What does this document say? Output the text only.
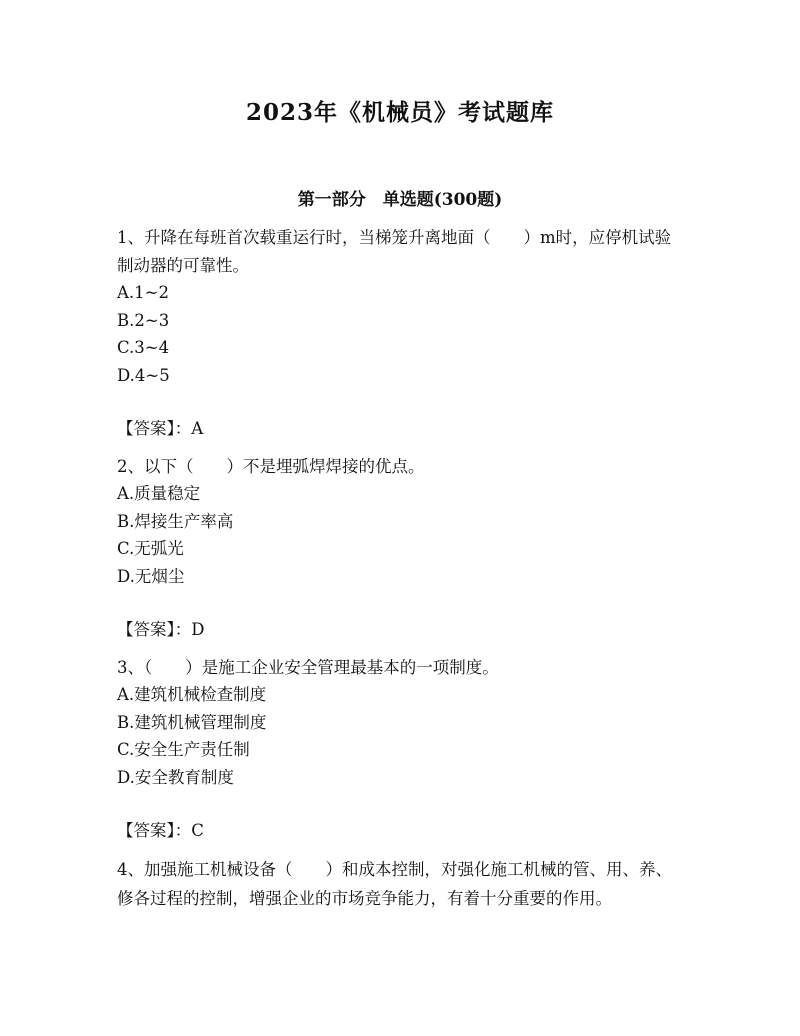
2023年《机械员》考试题库
第一部分　单选题(300题)

1、升降在每班首次载重运行时，当梯笼升离地面（　　）m时，应停机试验制动器的可靠性。

A.1~2

B.2~3

C.3~4

D.4~5

【答案】：A

2、以下（　　）不是埋弧焊焊接的优点。

A.质量稳定

B.焊接生产率高

C.无弧光

D.无烟尘

【答案】：D

3、（　　）是施工企业安全管理最基本的一项制度。

A.建筑机械检查制度

B.建筑机械管理制度

C.安全生产责任制

D.安全教育制度

【答案】：C

4、加强施工机械设备（　　）和成本控制，对强化施工机械的管、用、养、修各过程的控制，增强企业的市场竞争能力，有着十分重要的作用。
